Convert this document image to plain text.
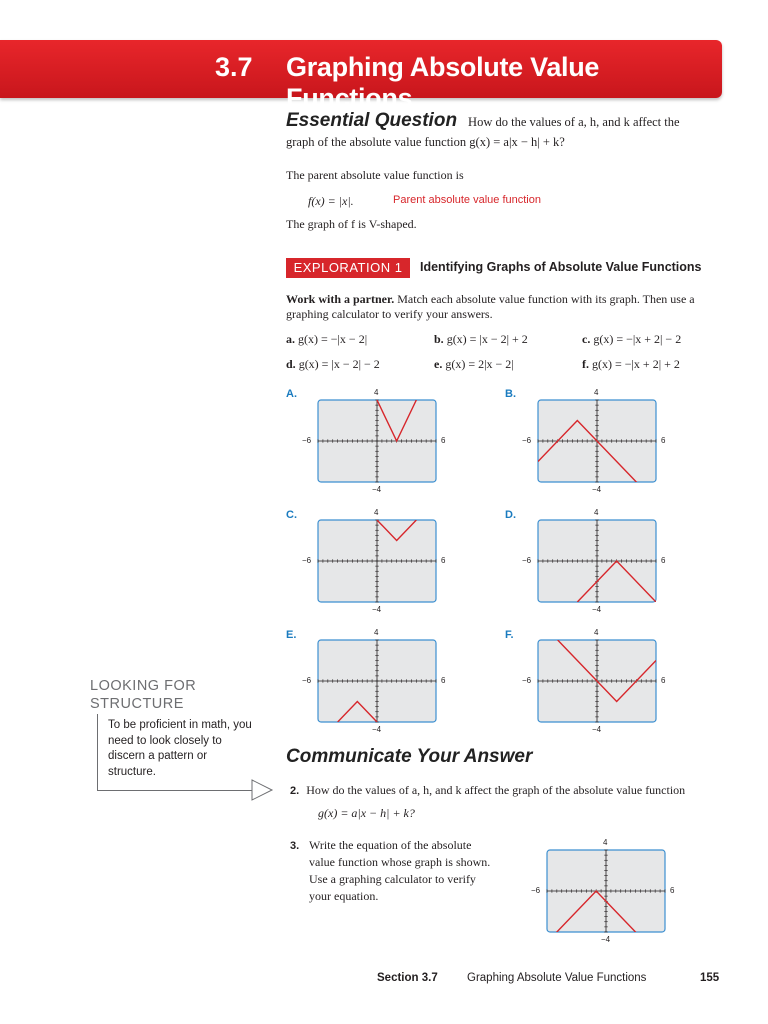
3.7 Graphing Absolute Value Functions
Essential Question How do the values of a, h, and k affect the
graph of the absolute value function g(x) = a|x − h| + k?
The parent absolute value function is
f(x) = |x|.	Parent absolute value function
The graph of f is V-shaped.
EXPLORATION 1	Identifying Graphs of Absolute Value Functions
Work with a partner. Match each absolute value function with its graph. Then use a
graphing calculator to verify your answers.
a. g(x) = −|x − 2|	b. g(x) = |x − 2| + 2	c. g(x) = −|x + 2| − 2
d. g(x) = |x − 2| − 2	e. g(x) = 2|x − 2|	f. g(x) = −|x + 2| + 2
A.	4
−4
−6	6
B.	4
−4
−6	6
C.	4
−4
−6	6
D.	4
−4
−6	6
E.	4
−4
−6	6
F.	4
−4
−6	6
4
−4
−6	6
LOOKING FOR
STRUCTURE
To be proficient in math, you need to look closely to discern a pattern or structure.
Communicate Your Answer
2. How do the values of a, h, and k affect the graph of the absolute value function
g(x) = a|x − h| + k?
3. Write the equation of the absolute
value function whose graph is shown.
Use a graphing calculator to verify
your equation.
Section 3.7	Graphing Absolute Value Functions	155
